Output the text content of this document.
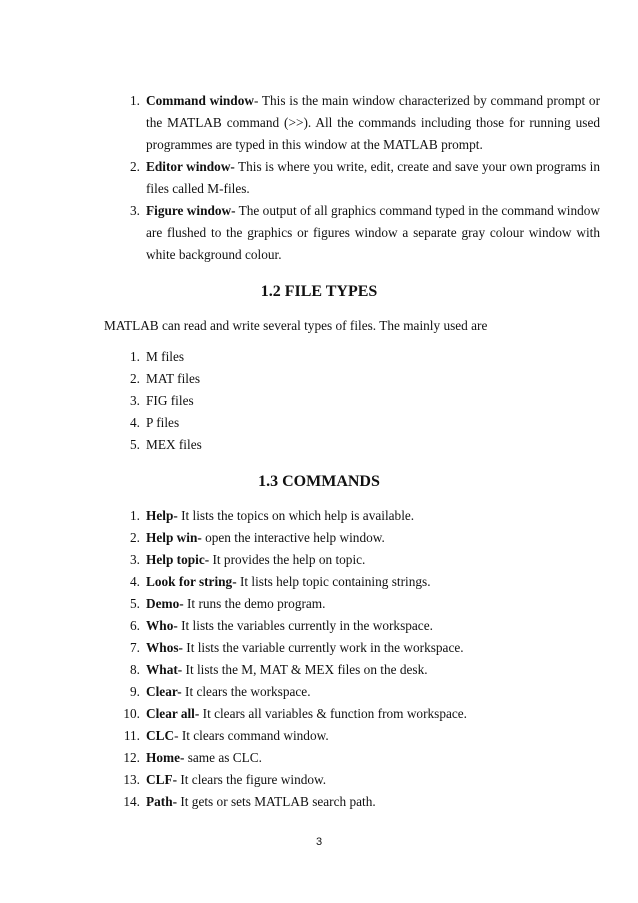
1. Command window- This is the main window characterized by command prompt or the MATLAB command (>>). All the commands including those for running used programmes are typed in this window at the MATLAB prompt.
2. Editor window- This is where you write, edit, create and save your own programs in files called M-files.
3. Figure window- The output of all graphics command typed in the command window are flushed to the graphics or figures window a separate gray colour window with white background colour.
1.2 FILE TYPES

MATLAB can read and write several types of files. The mainly used are

1. M files
2. MAT files
3. FIG files
4. P files
5. MEX files
1.3 COMMANDS
1. Help- It lists the topics on which help is available.
2. Help win- open the interactive help window.
3. Help topic- It provides the help on topic.
4. Look for string- It lists help topic containing strings.
5. Demo- It runs the demo program.
6. Who- It lists the variables currently in the workspace.
7. Whos- It lists the variable currently work in the workspace.
8. What- It lists the M, MAT & MEX files on the desk.
9. Clear- It clears the workspace.
10. Clear all- It clears all variables & function from workspace.
11. CLC- It clears command window.
12. Home- same as CLC.
13. CLF- It clears the figure window.
14. Path- It gets or sets MATLAB search path.
3
